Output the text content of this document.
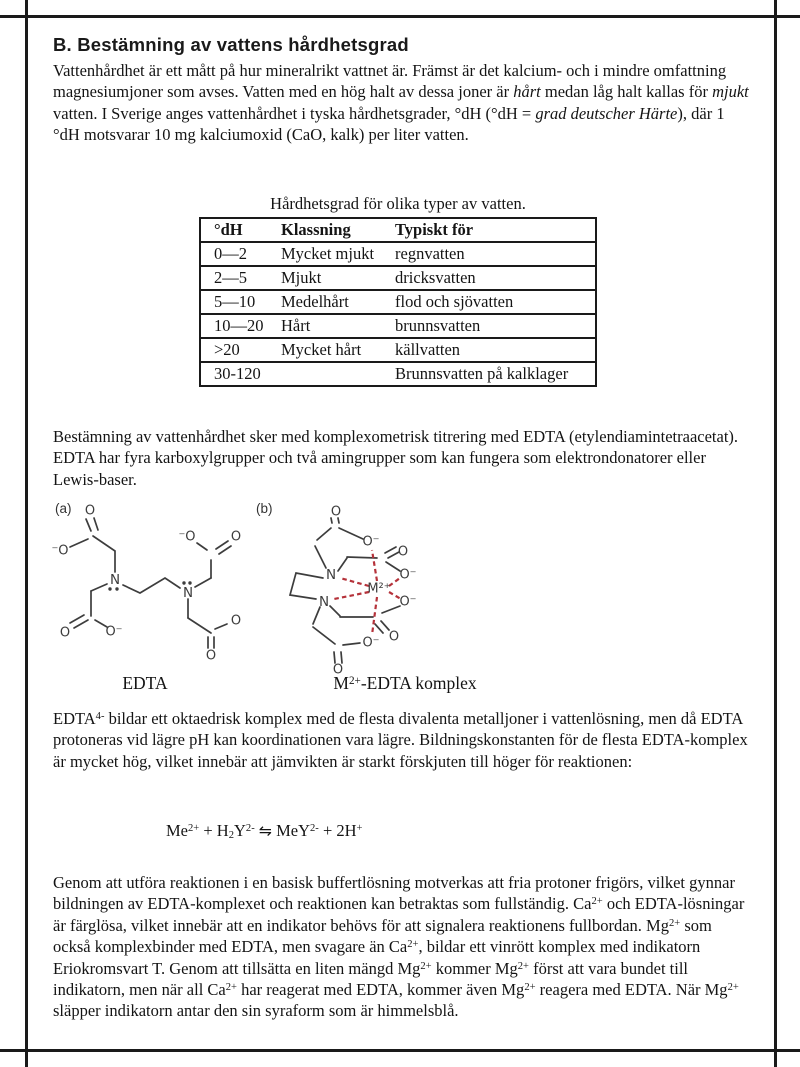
B. Bestämning av vattens hårdhetsgrad

Vattenhårdhet är ett mått på hur mineralrikt vattnet är. Främst är det kalcium- och i mindre omfattning magnesiumjoner som avses. Vatten med en hög halt av dessa joner är hårt medan låg halt kallas för mjukt vatten. I Sverige anges vattenhårdhet i tyska hårdhetsgrader, °dH (°dH = grad deutscher Härte), där 1 °dH motsvarar 10 mg kalciumoxid (CaO, kalk) per liter vatten.

Hårdhetsgrad för olika typer av vatten.
°dH	Klassning	Typiskt för
0—2	Mycket mjukt	regnvatten
2—5	Mjukt	dricksvatten
5—10	Medelhårt	flod och sjövatten
10—20	Hårt	brunnsvatten
>20	Mycket hårt	källvatten
30-120		Brunnsvatten på kalklager

Bestämning av vattenhårdhet sker med komplexometrisk titrering med EDTA (etylendiamintetraacetat). EDTA har fyra karboxylgrupper och två amingrupper som kan fungera som elektrondonatorer eller Lewis-baser.

(a)	(b)
O
⁻O
N
O	O⁻
⁻O	O
N
O
O
O
O⁻
N
N
M²⁺
O
O⁻
O⁻
O
O⁻
O
EDTA	$M^{2+}$-EDTA komplex

$EDTA^{4-}$ bildar ett oktaedrisk komplex med de flesta divalenta metalljoner i vattenlösning, men då EDTA protoneras vid lägre pH kan koordinationen vara lägre. Bildningskonstanten för de flesta EDTA-komplex är mycket hög, vilket innebär att jämvikten är starkt förskjuten till höger för reaktionen:

$Me^{2+} + H_2Y^{2-}$ ⇋ MeY$^{2-}$ + 2H+

Genom att utföra reaktionen i en basisk buffertlösning motverkas att fria protoner frigörs, vilket gynnar bildningen av EDTA-komplexet och reaktionen kan betraktas som fullständig. $Ca^{2+}$ och EDTA-lösningar är färglösa, vilket innebär att en indikator behövs för att signalera reaktionens fullbordan. $Mg^{2+}$ som också komplexbinder med EDTA, men svagare än $Ca^{2+}$, bildar ett vinrött komplex med indikatorn Eriokromsvart T. Genom att tillsätta en liten mängd $Mg^{2+}$ kommer $Mg^{2+}$ först att vara bundet till indikatorn, men när all $Ca^{2+}$ har reagerat med EDTA, kommer även $Mg^{2+}$ reagera med EDTA. När $Mg^{2+}$ släpper indikatorn antar den sin syraform som är himmelsblå.
